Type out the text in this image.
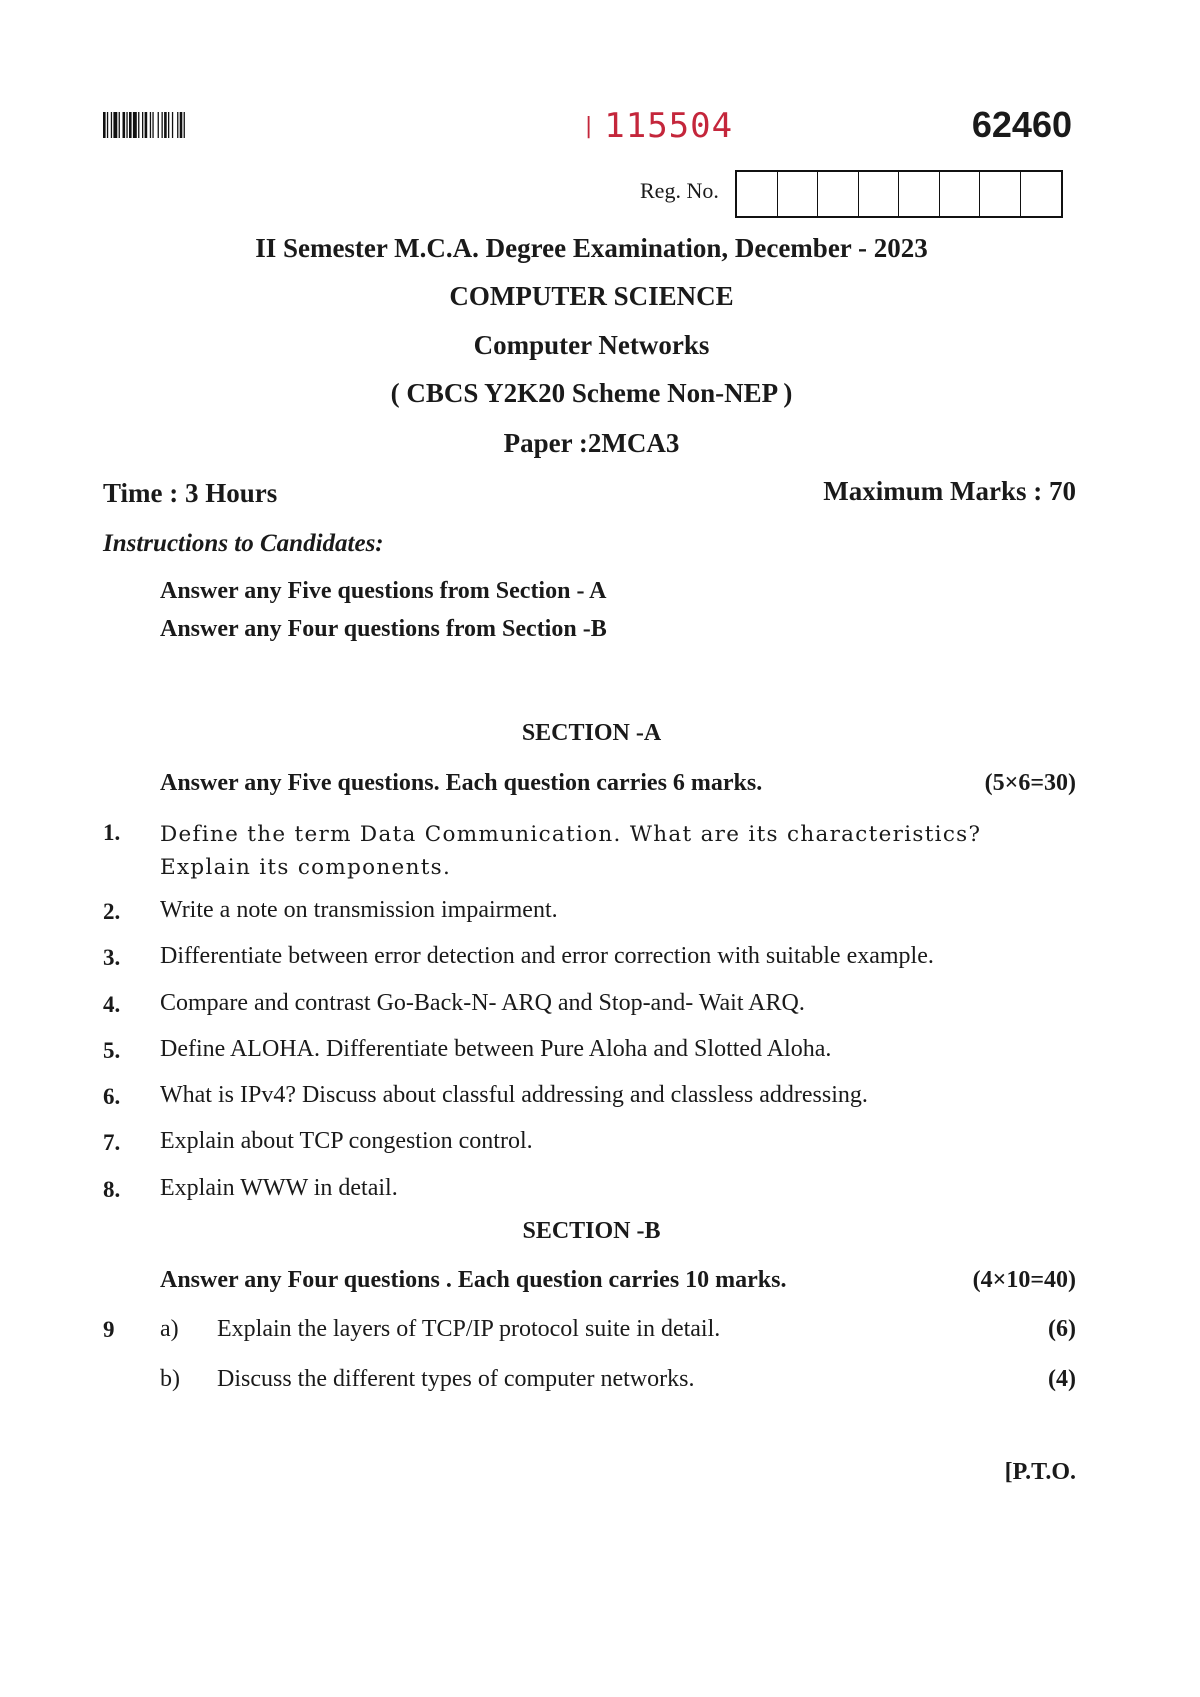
| 115504	62460
Reg. No.
II Semester M.C.A. Degree Examination, December - 2023
COMPUTER SCIENCE
Computer Networks
( CBCS Y2K20 Scheme Non-NEP )
Paper :2MCA3
Time : 3 Hours	Maximum Marks : 70
Instructions to Candidates:
Answer any Five questions from Section - A
Answer any Four questions from Section -B
SECTION -A
Answer any Five questions. Each question carries 6 marks.	(5×6=30)
1. Define the term Data Communication. What are its characteristics? Explain its components.
2. Write a note on transmission impairment.
3. Differentiate between error detection and error correction with suitable example.
4. Compare and contrast Go-Back-N- ARQ and Stop-and- Wait ARQ.
5. Define ALOHA. Differentiate between Pure Aloha and Slotted Aloha.
6. What is IPv4? Discuss about classful addressing and classless addressing.
7. Explain about TCP congestion control.
8. Explain WWW in detail.
SECTION -B
Answer any Four questions . Each question carries 10 marks.	(4×10=40)
9 a) Explain the layers of TCP/IP protocol suite in detail.	(6)
b) Discuss the different types of computer networks.	(4)
[P.T.O.
